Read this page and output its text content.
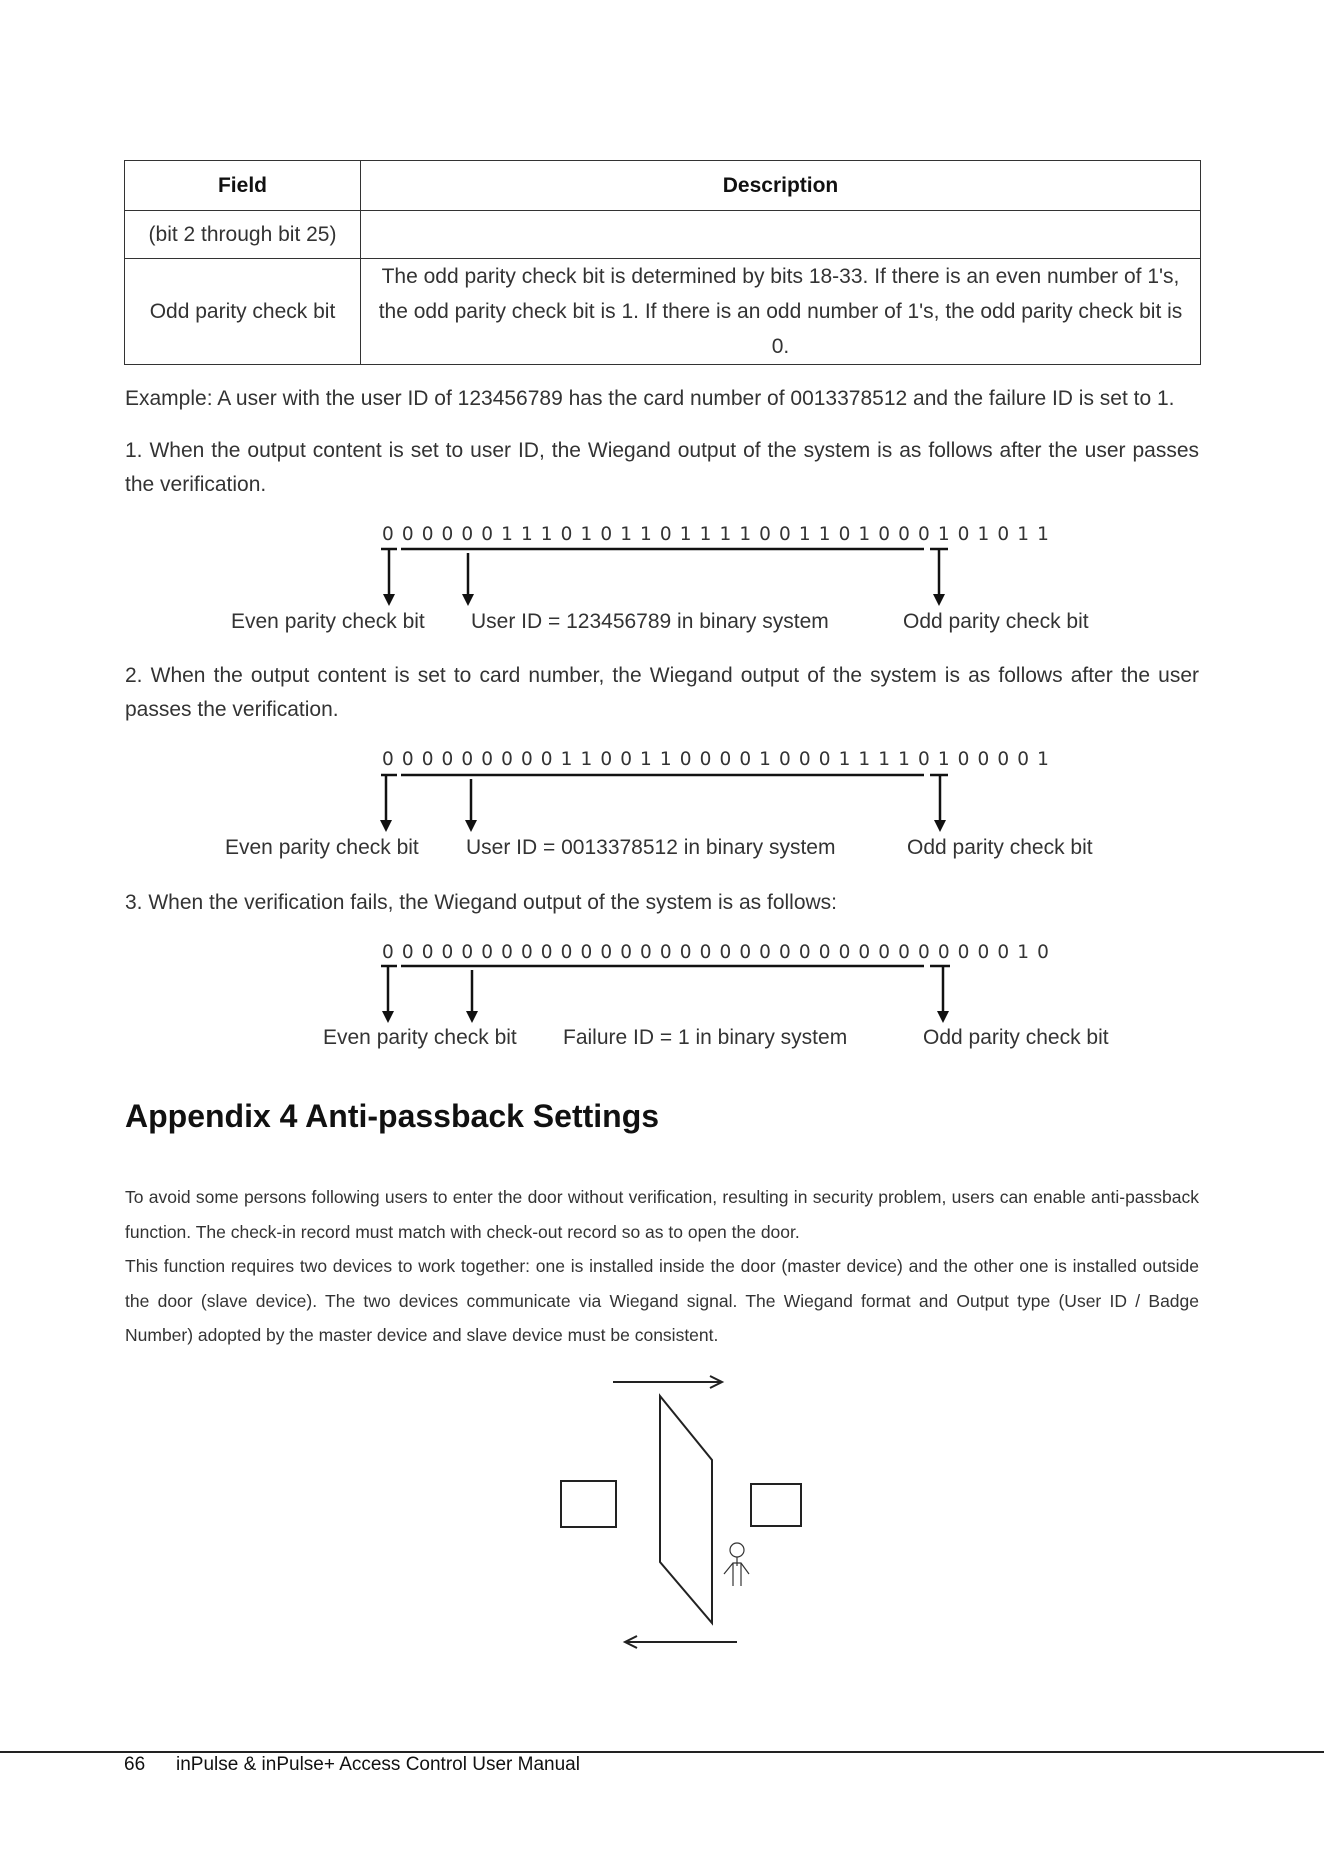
Field	Description
(bit 2 through bit 25)	
Odd parity check bit	The odd parity check bit is determined by bits 18-33. If there is an even number of 1's, the odd parity check bit is 1. If there is an odd number of 1's, the odd parity check bit is 0.

Example: A user with the user ID of 123456789 has the card number of 0013378512 and the failure ID is set to 1.

1. When the output content is set to user ID, the Wiegand output of the system is as follows after the user passes the verification.

0 0 0 0 0 0 1 1 1 0 1 0 1 1 0 1 1 1 1 0 0 1 1 0 1 0 0 0 1 0 1 0 1 1
Even parity check bit User ID = 123456789 in binary system	Odd parity check bit

2. When the output content is set to card number, the Wiegand output of the system is as follows after the user passes the verification.

0 0 0 0 0 0 0 0 0 1 1 0 0 1 1 0 0 0 0 1 0 0 0 1 1 1 1 0 1 0 0 0 0 1
Even parity check bit User ID = 0013378512 in binary system	Odd parity check bit

3. When the verification fails, the Wiegand output of the system is as follows:

0 0 0 0 0 0 0 0 0 0 0 0 0 0 0 0 0 0 0 0 0 0 0 0 0 0 0 0 0 0 0 0 1 0
Even parity check bit Failure ID = 1 in binary system	Odd parity check bit
Appendix 4 Anti-passback Settings

To avoid some persons following users to enter the door without verification, resulting in security problem, users can enable anti-passback function. The check-in record must match with check-out record so as to open the door.

This function requires two devices to work together: one is installed inside the door (master device) and the other one is installed outside the door (slave device). The two devices communicate via Wiegand signal. The Wiegand format and Output type (User ID / Badge Number) adopted by the master device and slave device must be consistent.

66 inPulse & inPulse+ Access Control User Manual
